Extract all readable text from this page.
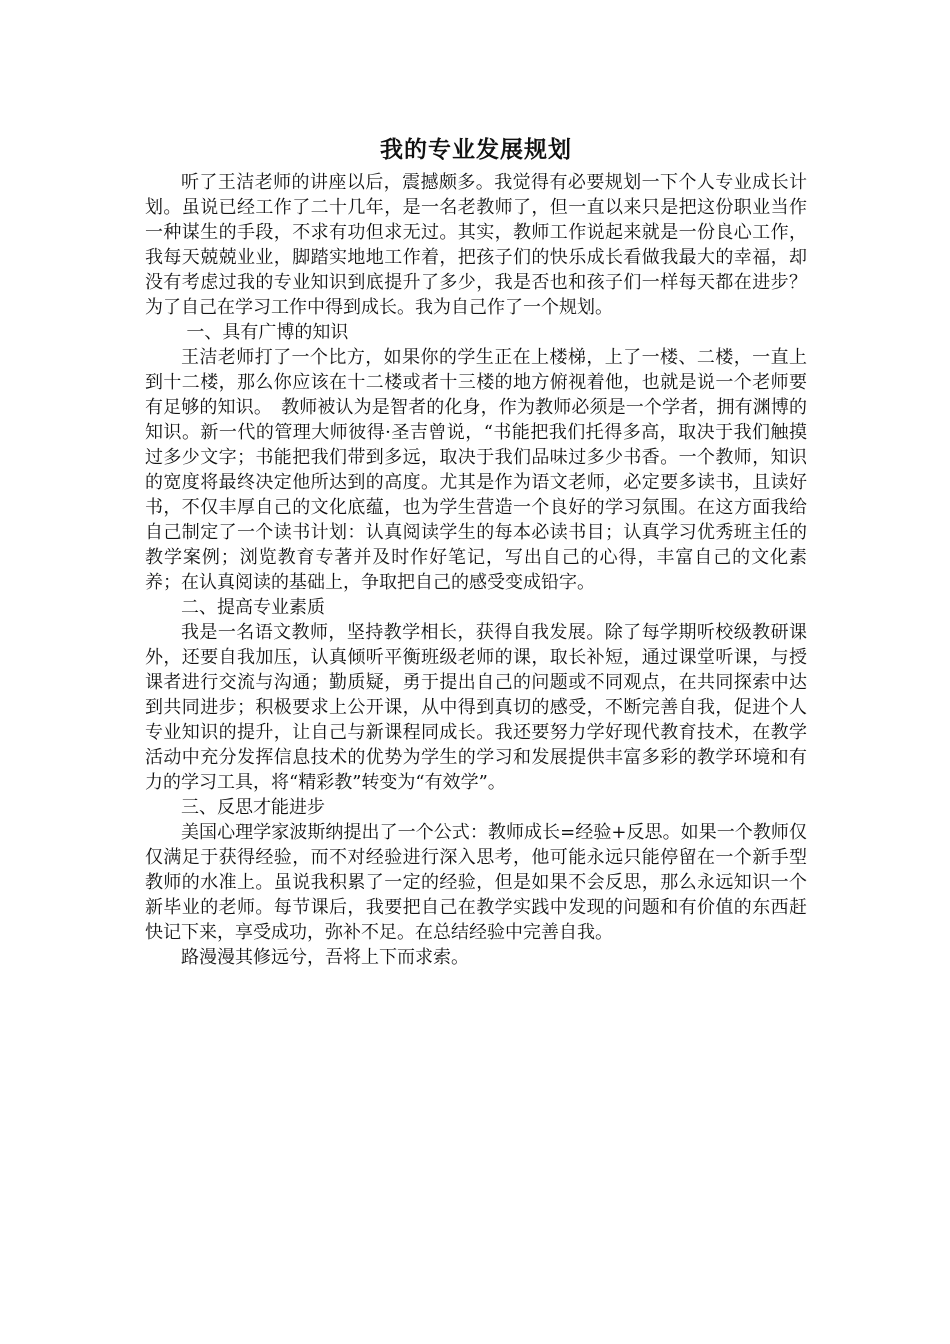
我的专业发展规划

听了王洁老师的讲座以后，震撼颇多。我觉得有必要规划一下个人专业成长计划。虽说已经工作了二十几年，是一名老教师了，但一直以来只是把这份职业当作一种谋生的手段，不求有功但求无过。其实，教师工作说起来就是一份良心工作，我每天兢兢业业，脚踏实地地工作着，把孩子们的快乐成长看做我最大的幸福，却没有考虑过我的专业知识到底提升了多少，我是否也和孩子们一样每天都在进步？为了自己在学习工作中得到成长。我为自己作了一个规划。

一、具有广博的知识

王洁老师打了一个比方，如果你的学生正在上楼梯，上了一楼、二楼，一直上到十二楼，那么你应该在十二楼或者十三楼的地方俯视着他，也就是说一个老师要有足够的知识。　教师被认为是智者的化身，作为教师必须是一个学者，拥有渊博的知识。新一代的管理大师彼得·圣吉曾说，“书能把我们托得多高，取决于我们触摸过多少文字；书能把我们带到多远，取决于我们品味过多少书香。一个教师，知识的宽度将最终决定他所达到的高度。尤其是作为语文老师，必定要多读书，且读好书，不仅丰厚自己的文化底蕴，也为学生营造一个良好的学习氛围。在这方面我给自己制定了一个读书计划：认真阅读学生的每本必读书目；认真学习优秀班主任的教学案例；浏览教育专著并及时作好笔记，写出自己的心得，丰富自己的文化素养；在认真阅读的基础上，争取把自己的感受变成铅字。

二、提高专业素质

我是一名语文教师，坚持教学相长，获得自我发展。除了每学期听校级教研课外，还要自我加压，认真倾听平衡班级老师的课，取长补短，通过课堂听课，与授课者进行交流与沟通；勤质疑，勇于提出自己的问题或不同观点，在共同探索中达到共同进步；积极要求上公开课，从中得到真切的感受，不断完善自我，促进个人专业知识的提升，让自己与新课程同成长。我还要努力学好现代教育技术，在教学活动中充分发挥信息技术的优势为学生的学习和发展提供丰富多彩的教学环境和有力的学习工具，将“精彩教”转变为“有效学”。

三、反思才能进步

美国心理学家波斯纳提出了一个公式：教师成长=经验+反思。如果一个教师仅仅满足于获得经验，而不对经验进行深入思考，他可能永远只能停留在一个新手型教师的水准上。虽说我积累了一定的经验，但是如果不会反思，那么永远知识一个新毕业的老师。每节课后，我要把自己在教学实践中发现的问题和有价值的东西赶快记下来，享受成功，弥补不足。在总结经验中完善自我。

路漫漫其修远兮，吾将上下而求索。
